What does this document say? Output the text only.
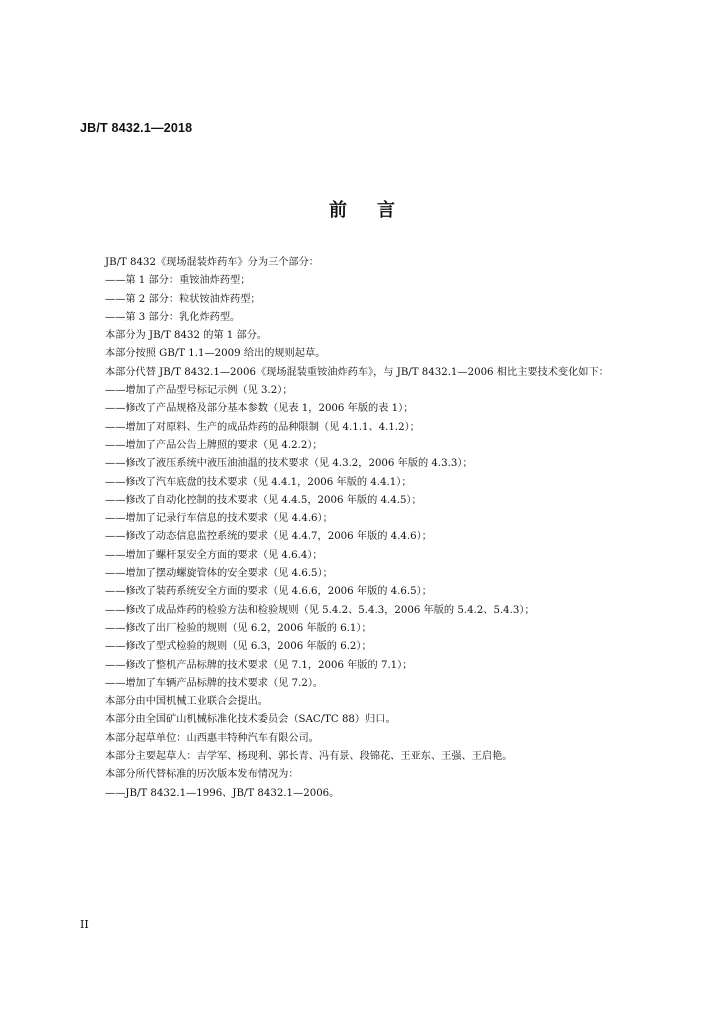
JB/T 8432.1—2018
前言
JB/T 8432《现场混装炸药车》分为三个部分：
——第 1 部分：重铵油炸药型；
——第 2 部分：粒状铵油炸药型；
——第 3 部分：乳化炸药型。
本部分为 JB/T 8432 的第 1 部分。
本部分按照 GB/T 1.1—2009 给出的规则起草。
本部分代替 JB/T 8432.1—2006《现场混装重铵油炸药车》，与 JB/T 8432.1—2006 相比主要技术变化如下：
——增加了产品型号标记示例（见 3.2）；
——修改了产品规格及部分基本参数（见表 1，2006 年版的表 1）；
——增加了对原料、生产的成品炸药的品种限制（见 4.1.1、4.1.2）；
——增加了产品公告上牌照的要求（见 4.2.2）；
——修改了液压系统中液压油油温的技术要求（见 4.3.2，2006 年版的 4.3.3）；
——修改了汽车底盘的技术要求（见 4.4.1，2006 年版的 4.4.1）；
——修改了自动化控制的技术要求（见 4.4.5，2006 年版的 4.4.5）；
——增加了记录行车信息的技术要求（见 4.4.6）；
——修改了动态信息监控系统的要求（见 4.4.7，2006 年版的 4.4.6）；
——增加了螺杆泵安全方面的要求（见 4.6.4）；
——增加了摆动螺旋管体的安全要求（见 4.6.5）；
——修改了装药系统安全方面的要求（见 4.6.6，2006 年版的 4.6.5）；
——修改了成品炸药的检验方法和检验规则（见 5.4.2、5.4.3，2006 年版的 5.4.2、5.4.3）；
——修改了出厂检验的规则（见 6.2，2006 年版的 6.1）；
——修改了型式检验的规则（见 6.3，2006 年版的 6.2）；
——修改了整机产品标牌的技术要求（见 7.1，2006 年版的 7.1）；
——增加了车辆产品标牌的技术要求（见 7.2）。
本部分由中国机械工业联合会提出。
本部分由全国矿山机械标准化技术委员会（SAC/TC 88）归口。
本部分起草单位：山西惠丰特种汽车有限公司。
本部分主要起草人：吉学军、杨现利、郭长青、冯有景、段锦花、王亚东、王强、王启艳。
本部分所代替标准的历次版本发布情况为：
——JB/T 8432.1—1996、JB/T 8432.1—2006。
II
